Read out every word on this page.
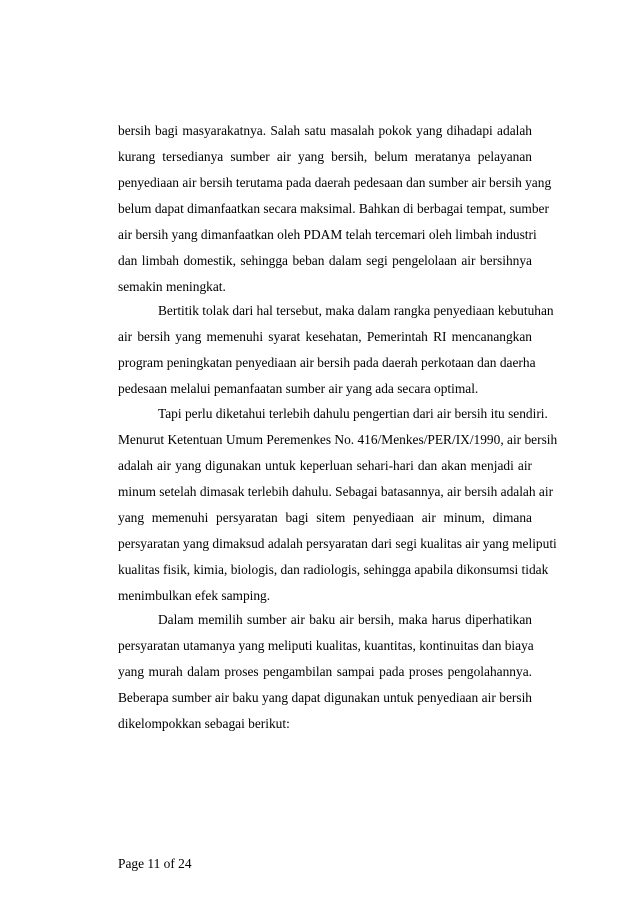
bersih bagi masyarakatnya. Salah satu masalah pokok yang dihadapi adalah
kurang tersedianya sumber air yang bersih, belum meratanya pelayanan
penyediaan air bersih terutama pada daerah pedesaan dan sumber air bersih yang
belum dapat dimanfaatkan secara maksimal. Bahkan di berbagai tempat, sumber
air bersih yang dimanfaatkan oleh PDAM telah tercemari oleh limbah industri
dan limbah domestik, sehingga beban dalam segi pengelolaan air bersihnya
semakin meningkat.
Bertitik tolak dari hal tersebut, maka dalam rangka penyediaan kebutuhan
air bersih yang memenuhi syarat kesehatan, Pemerintah RI mencanangkan
program peningkatan penyediaan air bersih pada daerah perkotaan dan daerha
pedesaan melalui pemanfaatan sumber air yang ada secara optimal.
Tapi perlu diketahui terlebih dahulu pengertian dari air bersih itu sendiri.
Menurut Ketentuan Umum Peremenkes No. 416/Menkes/PER/IX/1990, air bersih
adalah air yang digunakan untuk keperluan sehari-hari dan akan menjadi air
minum setelah dimasak terlebih dahulu. Sebagai batasannya, air bersih adalah air
yang memenuhi persyaratan bagi sitem penyediaan air minum, dimana
persyaratan yang dimaksud adalah persyaratan dari segi kualitas air yang meliputi
kualitas fisik, kimia, biologis, dan radiologis, sehingga apabila dikonsumsi tidak
menimbulkan efek samping.
Dalam memilih sumber air baku air bersih, maka harus diperhatikan
persyaratan utamanya yang meliputi kualitas, kuantitas, kontinuitas dan biaya
yang murah dalam proses pengambilan sampai pada proses pengolahannya.
Beberapa sumber air baku yang dapat digunakan untuk penyediaan air bersih
dikelompokkan sebagai berikut:
Page 11 of 24
